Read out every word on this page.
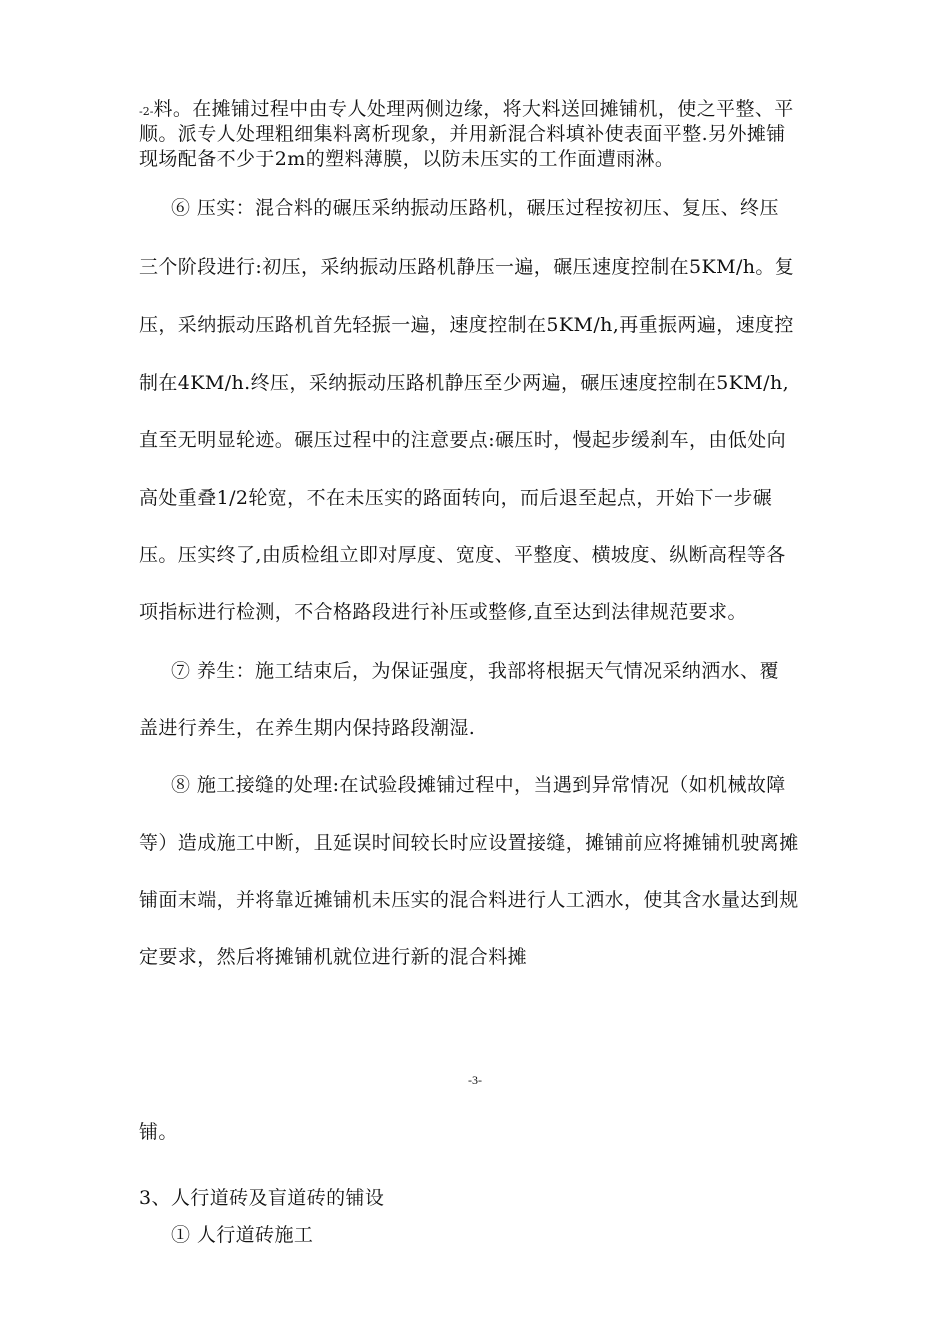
-2-料。在摊铺过程中由专人处理两侧边缘，将大料送回摊铺机，使之平整、平
顺。派专人处理粗细集料离析现象，并用新混合料填补使表面平整.另外摊铺
现场配备不少于2m的塑料薄膜，以防未压实的工作面遭雨淋。
⑥ 压实：混合料的碾压采纳振动压路机，碾压过程按初压、复压、终压
三个阶段进行:初压，采纳振动压路机静压一遍，碾压速度控制在5KM/h。复
压，采纳振动压路机首先轻振一遍，速度控制在5KM/h,再重振两遍，速度控
制在4KM/h.终压，采纳振动压路机静压至少两遍，碾压速度控制在5KM/h,
直至无明显轮迹。碾压过程中的注意要点:碾压时，慢起步缓刹车，由低处向
高处重叠1/2轮宽，不在未压实的路面转向，而后退至起点，开始下一步碾
压。压实终了,由质检组立即对厚度、宽度、平整度、横坡度、纵断高程等各
项指标进行检测，不合格路段进行补压或整修,直至达到法律规范要求。
⑦ 养生：施工结束后，为保证强度，我部将根据天气情况采纳洒水、覆
盖进行养生，在养生期内保持路段潮湿.
⑧ 施工接缝的处理:在试验段摊铺过程中，当遇到异常情况（如机械故障
等）造成施工中断，且延误时间较长时应设置接缝，摊铺前应将摊铺机驶离摊
铺面末端，并将靠近摊铺机未压实的混合料进行人工洒水，使其含水量达到规
定要求，然后将摊铺机就位进行新的混合料摊
-3-
铺。
3、人行道砖及盲道砖的铺设
① 人行道砖施工
